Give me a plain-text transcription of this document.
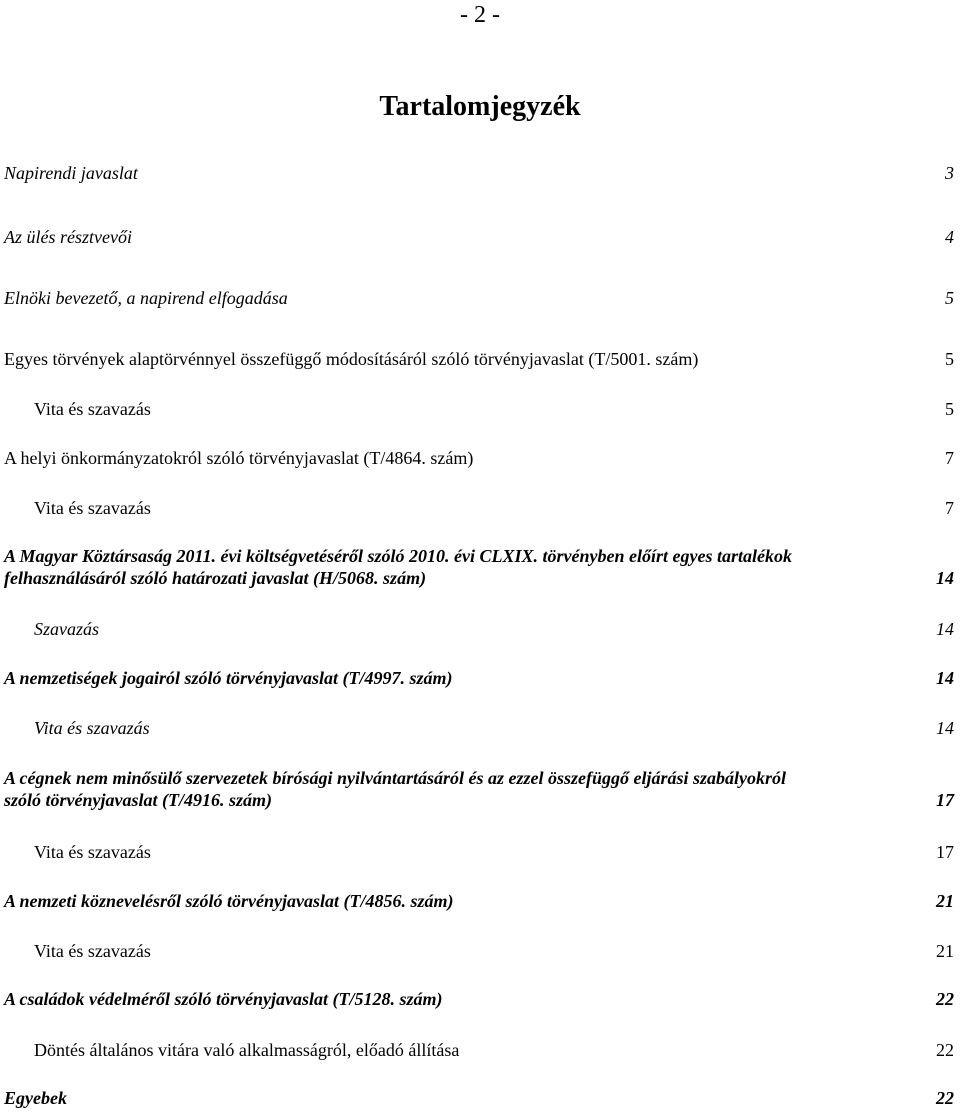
- 2 -
Tartalomjegyzék
Napirendi javaslat	3
Az ülés résztvevői	4
Elnöki bevezető, a napirend elfogadása	5
Egyes törvények alaptörvénnyel összefüggő módosításáról szóló törvényjavaslat (T/5001. szám)	5
Vita és szavazás	5
A helyi önkormányzatokról szóló törvényjavaslat (T/4864. szám)	7
Vita és szavazás	7
A Magyar Köztársaság 2011. évi költségvetéséről szóló 2010. évi CLXIX. törvényben előírt egyes tartalékok
felhasználásáról szóló határozati javaslat (H/5068. szám)	14
Szavazás	14
A nemzetiségek jogairól szóló törvényjavaslat (T/4997. szám)	14
Vita és szavazás	14
A cégnek nem minősülő szervezetek bírósági nyilvántartásáról és az ezzel összefüggő eljárási szabályokról
szóló törvényjavaslat (T/4916. szám)	17
Vita és szavazás	17
A nemzeti köznevelésről szóló törvényjavaslat (T/4856. szám)	21
Vita és szavazás	21
A családok védelméről szóló törvényjavaslat (T/5128. szám)	22
Döntés általános vitára való alkalmasságról, előadó állítása	22
Egyebek	22
